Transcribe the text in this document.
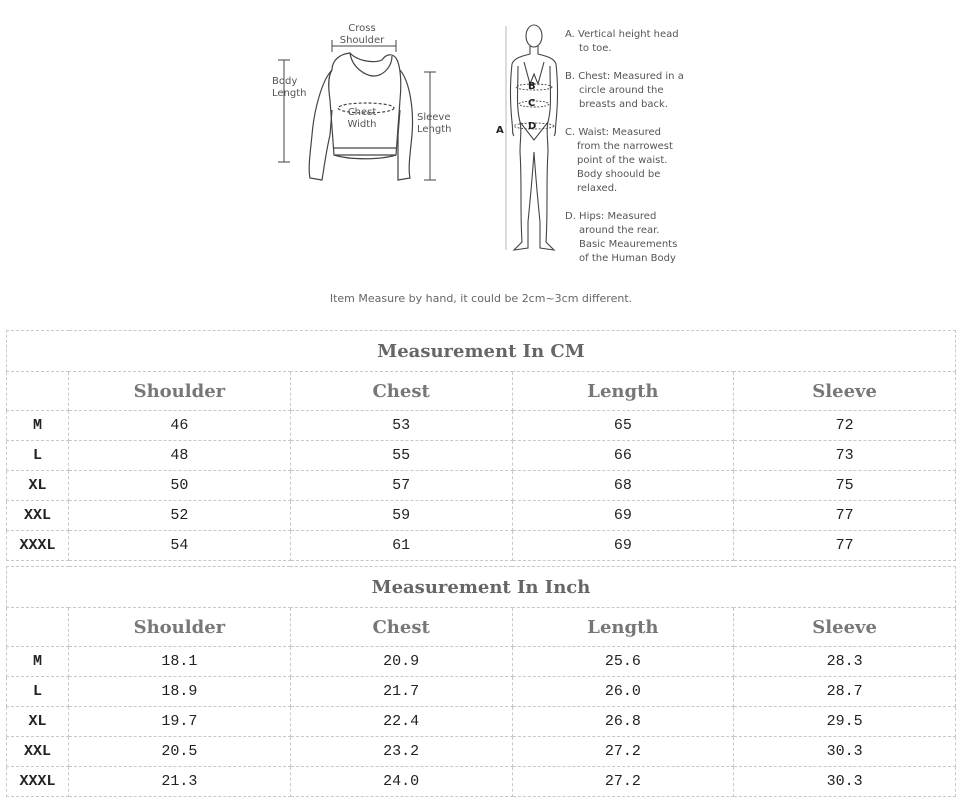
Cross
Shoulder
Body
Length
Chest
Width
Sleeve
Length	A
B
C
D
A. Vertical height head
to toe.
B. Chest: Measured in a
circle around the
breasts and back.
C. Waist: Measured
from the narrowest
point of the waist.
Body shoould be
relaxed.
D. Hips: Measured
around the rear.
Basic Meaurements
of the Human Body
Item Measure by hand, it could be 2cm~3cm different.
Measurement In CM				
	Shoulder	Chest	Length	Sleeve
M	46	53	65	72
L	48	55	66	73
XL	50	57	68	75
XXL	52	59	69	77
XXXL	54	61	69	77
Measurement In Inch				
	Shoulder	Chest	Length	Sleeve
M	18.1	20.9	25.6	28.3
L	18.9	21.7	26.0	28.7
XL	19.7	22.4	26.8	29.5
XXL	20.5	23.2	27.2	30.3
XXXL	21.3	24.0	27.2	30.3
